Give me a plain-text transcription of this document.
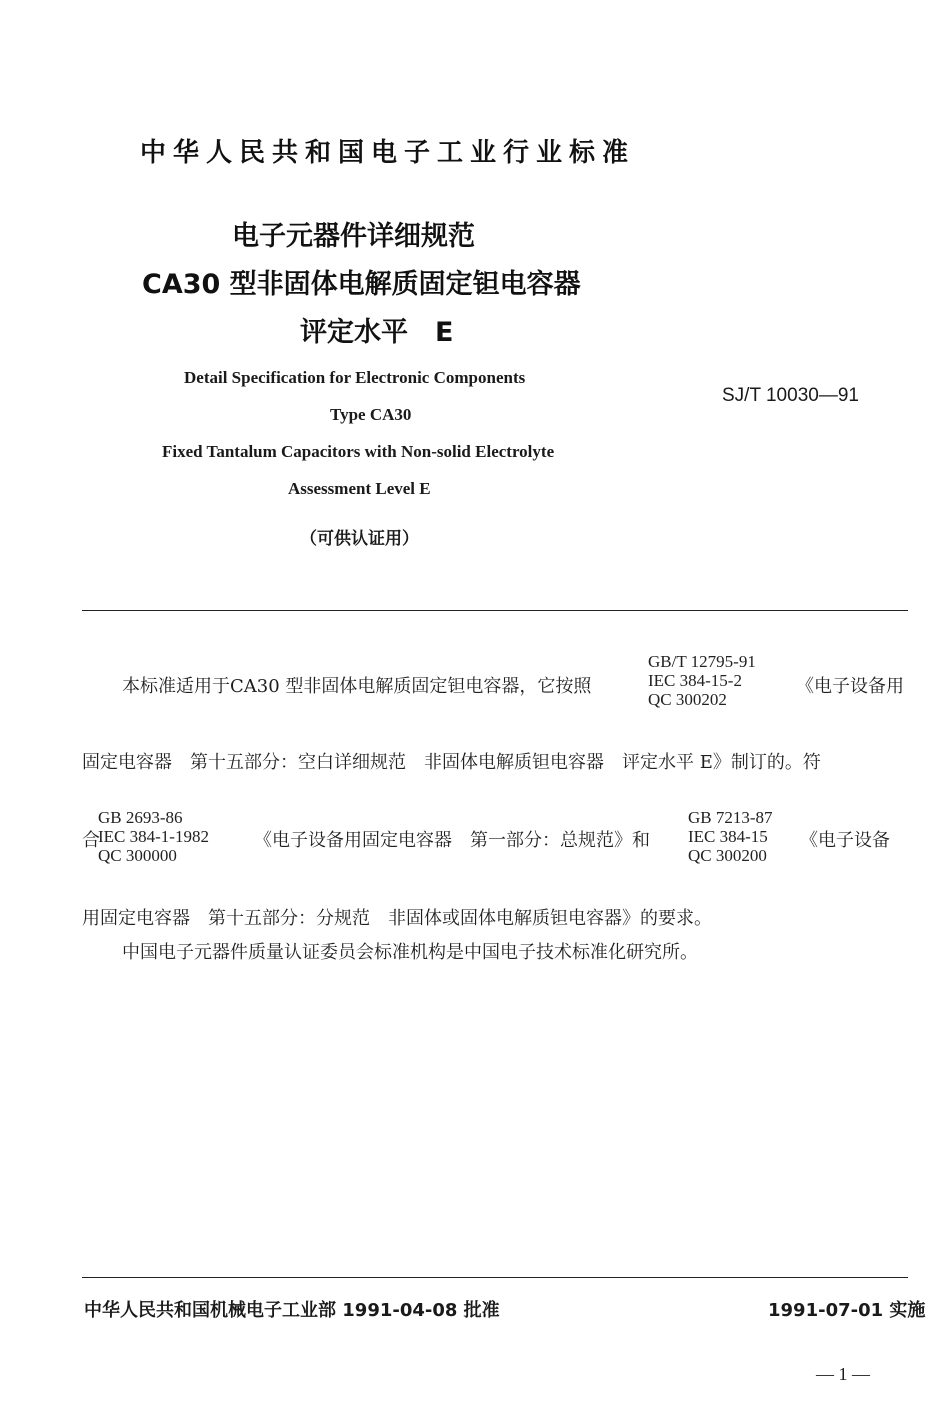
中华人民共和国电子工业行业标准
电子元器件详细规范
CA30 型非固体电解质固定钽电容器
评定水平　E
Detail Specification for Electronic Components
Type CA30
Fixed Tantalum Capacitors with Non-solid Electrolyte
Assessment Level E
（可供认证用）
SJ/T 10030—91
GB/T 12795-91
IEC 384-15-2
QC 300202
本标准适用于CA30 型非固体电解质固定钽电容器，它按照	《电子设备用
固定电容器　第十五部分：空白详细规范　非固体电解质钽电容器　评定水平 E》制订的。符
GB 2693-86
IEC 384-1-1982
QC 300000
合	《电子设备用固定电容器　第一部分：总规范》和
GB 7213-87
IEC 384-15
QC 300200
《电子设备
用固定电容器　第十五部分：分规范　非固体或固体电解质钽电容器》的要求。
中国电子元器件质量认证委员会标准机构是中国电子技术标准化研究所。
中华人民共和国机械电子工业部 1991-04-08 批准	1991-07-01 实施
— 1 —
